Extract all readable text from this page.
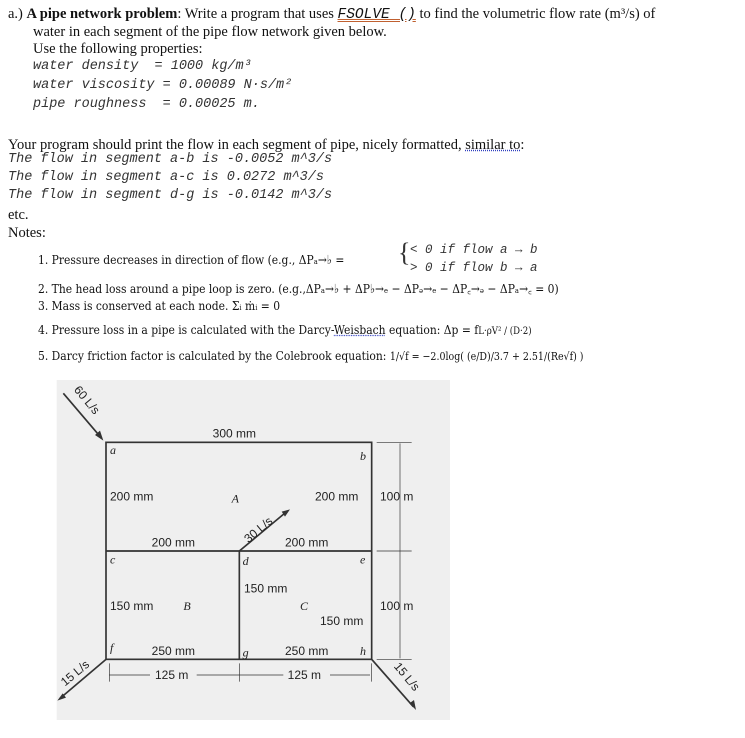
a.) A pipe network problem: Write a program that uses FSOLVE () to find the volumetric flow rate (m³/s) of
water in each segment of the pipe flow network given below.
Use the following properties:
water density  = 1000 kg/m³
water viscosity = 0.00089 N·s/m²
pipe roughness  = 0.00025 m.
Your program should print the flow in each segment of pipe, nicely formatted, similar to:
The flow in segment a-b is -0.0052 m^3/s
The flow in segment a-c is 0.0272 m^3/s
The flow in segment d-g is -0.0142 m^3/s
etc.
Notes:
1. Pressure decreases in direction of flow (e.g., ΔPₐ→♭ = { < 0 if flow a → b
> 0 if flow b → a
2. The head loss around a pipe loop is zero. (e.g.,ΔPₐ→♭ + ΔP♭→ₑ − ΔPₔ→ₑ − ΔP꜀→ₔ − ΔPₐ→꜀ = 0)
3. Mass is conserved at each node. Σᵢ ṁᵢ = 0
4. Pressure loss in a pipe is calculated with the Darcy-Weisbach equation: Δp = fL·ρV² / (D·2)
5. Darcy friction factor is calculated by the Colebrook equation: 1/√f = −2.0log( (e/D)/3.7 + 2.51/(Re√f) )
300 mm
200 mm	200 mm
200 mm 200 mm
150 mm
150 mm
150 mm
250 mm 250 mm
100 m
100 m
125 m	125 m
a	b
c	d	e
f	g	h
A
B	C
60 L/s
30 L/s
15 L/s	15 L/s
